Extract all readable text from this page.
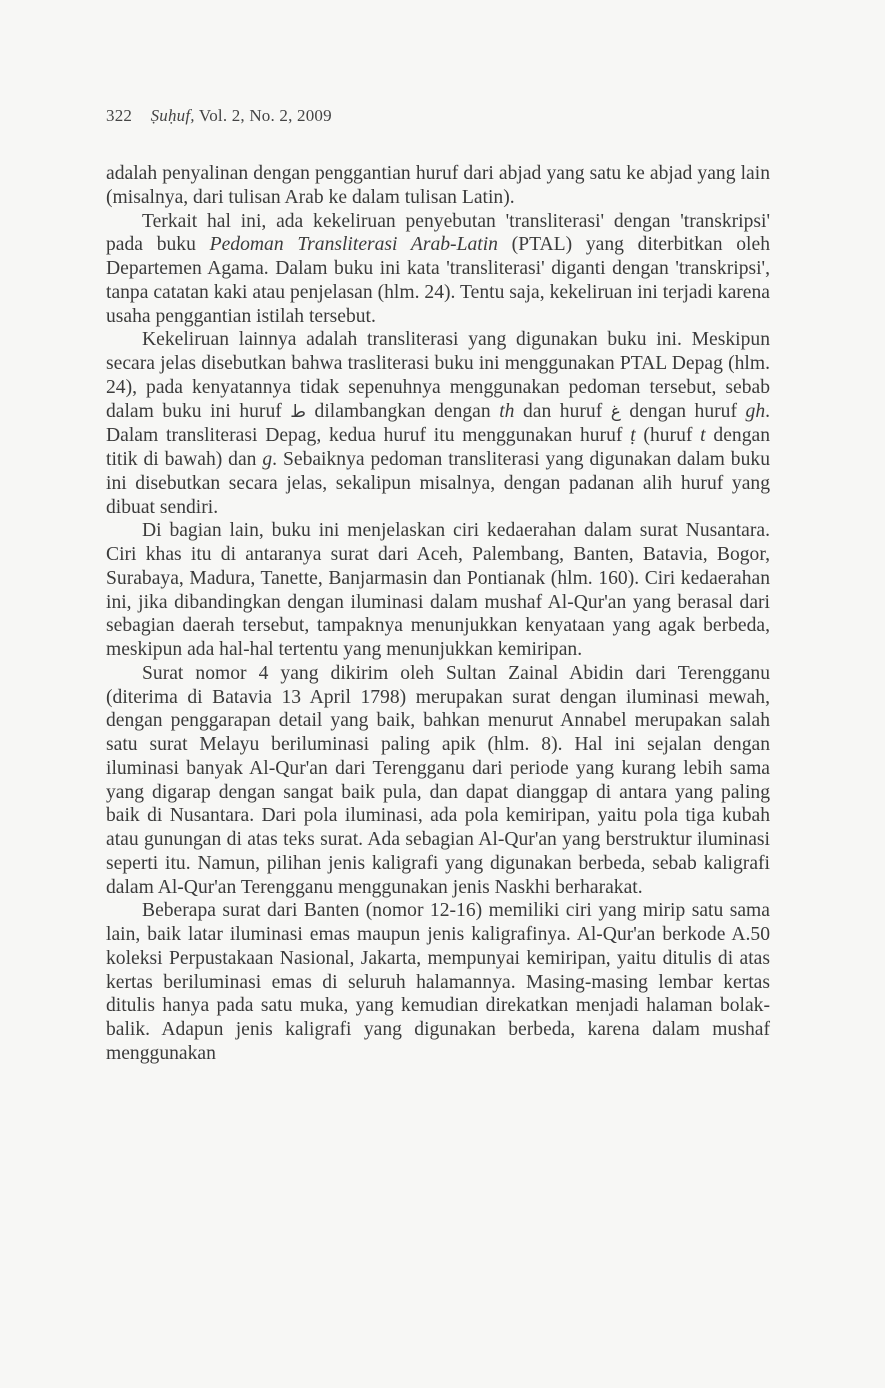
322 Ṣuḥuf, Vol. 2, No. 2, 2009

adalah penyalinan dengan penggantian huruf dari abjad yang satu ke abjad yang lain (misalnya, dari tulisan Arab ke dalam tulisan Latin).

Terkait hal ini, ada kekeliruan penyebutan 'transliterasi' dengan 'transkripsi' pada buku Pedoman Transliterasi Arab-Latin (PTAL) yang diterbitkan oleh Departemen Agama. Dalam buku ini kata 'transliterasi' diganti dengan 'transkripsi', tanpa catatan kaki atau penjelasan (hlm. 24). Tentu saja, kekeliruan ini terjadi karena usaha penggantian istilah tersebut.

Kekeliruan lainnya adalah transliterasi yang digunakan buku ini. Meskipun secara jelas disebutkan bahwa trasliterasi buku ini menggunakan PTAL Depag (hlm. 24), pada kenyatannya tidak sepenuhnya menggunakan pedoman tersebut, sebab dalam buku ini huruf ط dilambangkan dengan th dan huruf غ dengan huruf gh. Dalam transliterasi Depag, kedua huruf itu menggunakan huruf ṭ (huruf t dengan titik di bawah) dan g. Sebaiknya pedoman transliterasi yang digunakan dalam buku ini disebutkan secara jelas, sekalipun misalnya, dengan padanan alih huruf yang dibuat sendiri.

Di bagian lain, buku ini menjelaskan ciri kedaerahan dalam surat Nusantara. Ciri khas itu di antaranya surat dari Aceh, Palembang, Banten, Batavia, Bogor, Surabaya, Madura, Tanette, Banjarmasin dan Pontianak (hlm. 160). Ciri kedaerahan ini, jika dibandingkan dengan iluminasi dalam mushaf Al-Qur'an yang berasal dari sebagian daerah tersebut, tampaknya menunjukkan kenyataan yang agak berbeda, meskipun ada hal-hal tertentu yang menunjukkan kemiripan.

Surat nomor 4 yang dikirim oleh Sultan Zainal Abidin dari Terengganu (diterima di Batavia 13 April 1798) merupakan surat dengan iluminasi mewah, dengan penggarapan detail yang baik, bahkan menurut Annabel merupakan salah satu surat Melayu beriluminasi paling apik (hlm. 8). Hal ini sejalan dengan iluminasi banyak Al-Qur'an dari Terengganu dari periode yang kurang lebih sama yang digarap dengan sangat baik pula, dan dapat dianggap di antara yang paling baik di Nusantara. Dari pola iluminasi, ada pola kemiripan, yaitu pola tiga kubah atau gunungan di atas teks surat. Ada sebagian Al-Qur'an yang berstruktur iluminasi seperti itu. Namun, pilihan jenis kaligrafi yang digunakan berbeda, sebab kaligrafi dalam Al-Qur'an Terengganu menggunakan jenis Naskhi berharakat.

Beberapa surat dari Banten (nomor 12-16) memiliki ciri yang mirip satu sama lain, baik latar iluminasi emas maupun jenis kaligrafinya. Al-Qur'an berkode A.50 koleksi Perpustakaan Nasional, Jakarta, mempunyai kemiripan, yaitu ditulis di atas kertas beriluminasi emas di seluruh halamannya. Masing-masing lembar kertas ditulis hanya pada satu muka, yang kemudian direkatkan menjadi halaman bolak-balik. Adapun jenis kaligrafi yang digunakan berbeda, karena dalam mushaf menggunakan
